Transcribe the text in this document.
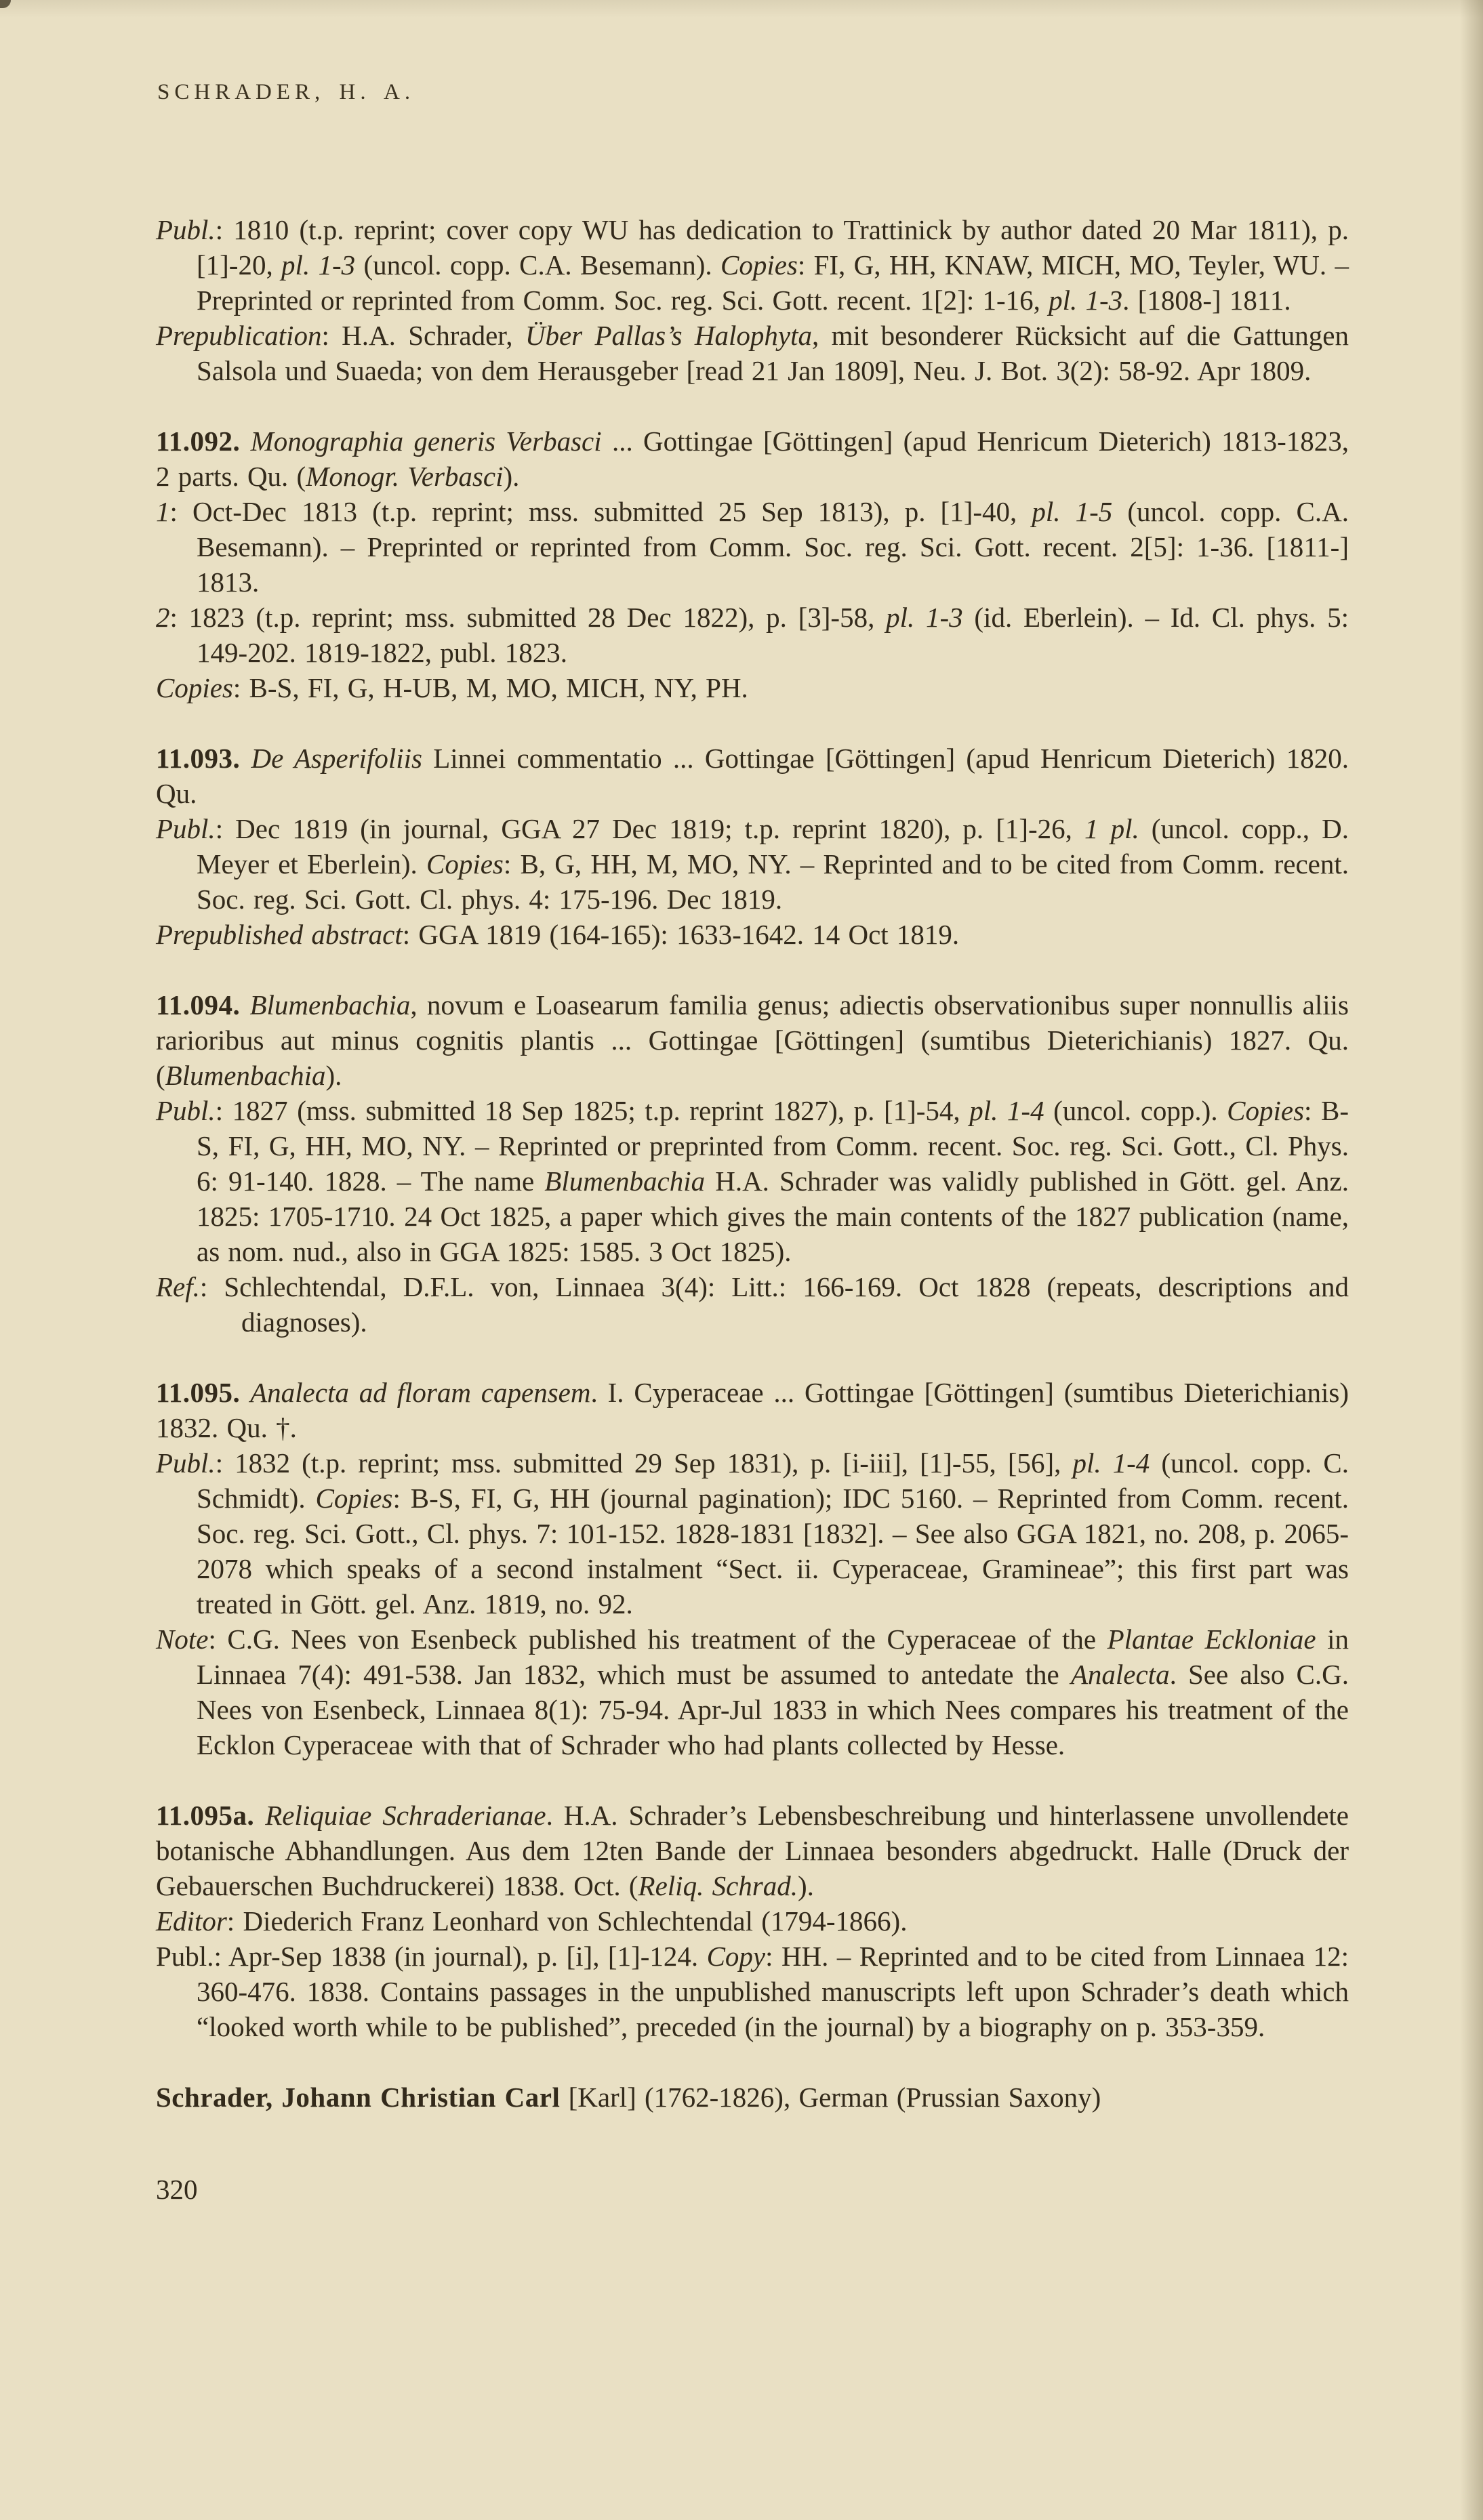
SCHRADER, H. A.

Publ.: 1810 (t.p. reprint; cover copy WU has dedication to Trattinick by author dated 20 Mar 1811), p. [1]-20, pl. 1-3 (uncol. copp. C.A. Besemann). Copies: FI, G, HH, KNAW, MICH, MO, Teyler, WU. – Preprinted or reprinted from Comm. Soc. reg. Sci. Gott. recent. 1[2]: 1-16, pl. 1-3. [1808-] 1811.

Prepublication: H.A. Schrader, Über Pallas’s Halophyta, mit besonderer Rücksicht auf die Gattungen Salsola und Suaeda; von dem Herausgeber [read 21 Jan 1809], Neu. J. Bot. 3(2): 58-92. Apr 1809.

11.092. Monographia generis Verbasci ... Gottingae [Göttingen] (apud Henricum Dieterich) 1813-1823, 2 parts. Qu. (Monogr. Verbasci).

1: Oct-Dec 1813 (t.p. reprint; mss. submitted 25 Sep 1813), p. [1]-40, pl. 1-5 (uncol. copp. C.A. Besemann). – Preprinted or reprinted from Comm. Soc. reg. Sci. Gott. recent. 2[5]: 1-36. [1811-] 1813.

2: 1823 (t.p. reprint; mss. submitted 28 Dec 1822), p. [3]-58, pl. 1-3 (id. Eberlein). – Id. Cl. phys. 5: 149-202. 1819-1822, publ. 1823.

Copies: B-S, FI, G, H-UB, M, MO, MICH, NY, PH.

11.093. De Asperifoliis Linnei commentatio ... Gottingae [Göttingen] (apud Henricum Dieterich) 1820. Qu.

Publ.: Dec 1819 (in journal, GGA 27 Dec 1819; t.p. reprint 1820), p. [1]-26, 1 pl. (uncol. copp., D. Meyer et Eberlein). Copies: B, G, HH, M, MO, NY. – Reprinted and to be cited from Comm. recent. Soc. reg. Sci. Gott. Cl. phys. 4: 175-196. Dec 1819.

Prepublished abstract: GGA 1819 (164-165): 1633-1642. 14 Oct 1819.

11.094. Blumenbachia, novum e Loasearum familia genus; adiectis observationibus super nonnullis aliis rarioribus aut minus cognitis plantis ... Gottingae [Göttingen] (sumtibus Dieterichianis) 1827. Qu. (Blumenbachia).

Publ.: 1827 (mss. submitted 18 Sep 1825; t.p. reprint 1827), p. [1]-54, pl. 1-4 (uncol. copp.). Copies: B-S, FI, G, HH, MO, NY. – Reprinted or preprinted from Comm. recent. Soc. reg. Sci. Gott., Cl. Phys. 6: 91-140. 1828. – The name Blumenbachia H.A. Schrader was validly published in Gött. gel. Anz. 1825: 1705-1710. 24 Oct 1825, a paper which gives the main contents of the 1827 publication (name, as nom. nud., also in GGA 1825: 1585. 3 Oct 1825).

Ref.: Schlechtendal, D.F.L. von, Linnaea 3(4): Litt.: 166-169. Oct 1828 (repeats, descriptions and diagnoses).

11.095. Analecta ad floram capensem. I. Cyperaceae ... Gottingae [Göttingen] (sumtibus Dieterichianis) 1832. Qu. †.

Publ.: 1832 (t.p. reprint; mss. submitted 29 Sep 1831), p. [i-iii], [1]-55, [56], pl. 1-4 (uncol. copp. C. Schmidt). Copies: B-S, FI, G, HH (journal pagination); IDC 5160. – Reprinted from Comm. recent. Soc. reg. Sci. Gott., Cl. phys. 7: 101-152. 1828-1831 [1832]. – See also GGA 1821, no. 208, p. 2065-2078 which speaks of a second instalment “Sect. ii. Cyperaceae, Gramineae”; this first part was treated in Gött. gel. Anz. 1819, no. 92.

Note: C.G. Nees von Esenbeck published his treatment of the Cyperaceae of the Plantae Eckloniae in Linnaea 7(4): 491-538. Jan 1832, which must be assumed to antedate the Analecta. See also C.G. Nees von Esenbeck, Linnaea 8(1): 75-94. Apr-Jul 1833 in which Nees compares his treatment of the Ecklon Cyperaceae with that of Schrader who had plants collected by Hesse.

11.095a. Reliquiae Schraderianae. H.A. Schrader’s Lebensbeschreibung und hinterlassene unvollendete botanische Abhandlungen. Aus dem 12ten Bande der Linnaea besonders abgedruckt. Halle (Druck der Gebauerschen Buchdruckerei) 1838. Oct. (Reliq. Schrad.).

Editor: Diederich Franz Leonhard von Schlechtendal (1794-1866).

Publ.: Apr-Sep 1838 (in journal), p. [i], [1]-124. Copy: HH. – Reprinted and to be cited from Linnaea 12: 360-476. 1838. Contains passages in the unpublished manuscripts left upon Schrader’s death which “looked worth while to be published”, preceded (in the journal) by a biography on p. 353-359.

Schrader, Johann Christian Carl [Karl] (1762-1826), German (Prussian Saxony)

320
